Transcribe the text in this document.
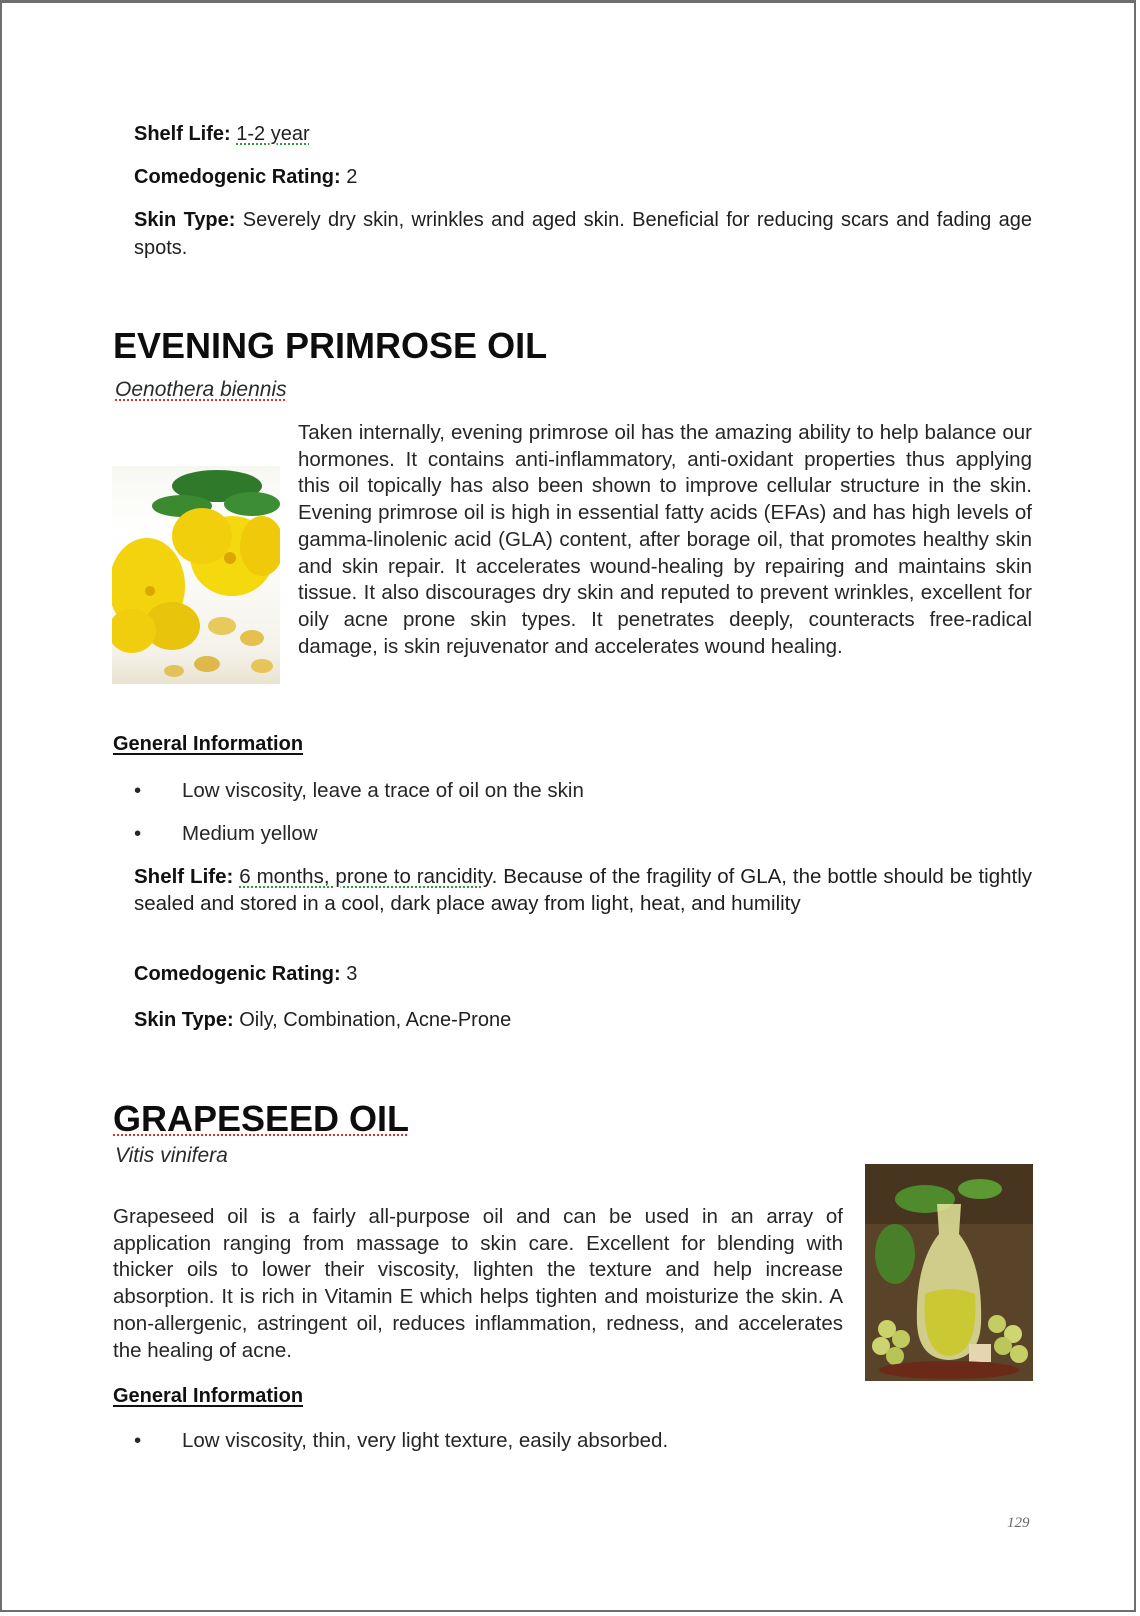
Shelf Life: 1-2 year
Comedogenic Rating: 2
Skin Type: Severely dry skin, wrinkles and aged skin. Beneficial for reducing scars and fading age spots.
EVENING PRIMROSE OIL
Oenothera biennis
Taken internally, evening primrose oil has the amazing ability to help balance our hormones. It contains anti-inflammatory, anti-oxidant properties thus applying this oil topically has also been shown to improve cellular structure in the skin. Evening primrose oil is high in essential fatty acids (EFAs) and has high levels of gamma-linolenic acid (GLA) content, after borage oil, that promotes healthy skin and skin repair. It accelerates wound-healing by repairing and maintains skin tissue. It also discourages dry skin and reputed to prevent wrinkles, excellent for oily acne prone skin types. It penetrates deeply, counteracts free-radical damage, is skin rejuvenator and accelerates wound healing.
General Information
• Low viscosity, leave a trace of oil on the skin
• Medium yellow
Shelf Life: 6 months, prone to rancidity. Because of the fragility of GLA, the bottle should be tightly sealed and stored in a cool, dark place away from light, heat, and humility
Comedogenic Rating: 3
Skin Type: Oily, Combination, Acne-Prone
GRAPESEED OIL
Vitis vinifera
Grapeseed oil is a fairly all-purpose oil and can be used in an array of application ranging from massage to skin care. Excellent for blending with thicker oils to lower their viscosity, lighten the texture and help increase absorption. It is rich in Vitamin E which helps tighten and moisturize the skin. A non-allergenic, astringent oil, reduces inflammation, redness, and accelerates the healing of acne.
General Information
• Low viscosity, thin, very light texture, easily absorbed.
129
